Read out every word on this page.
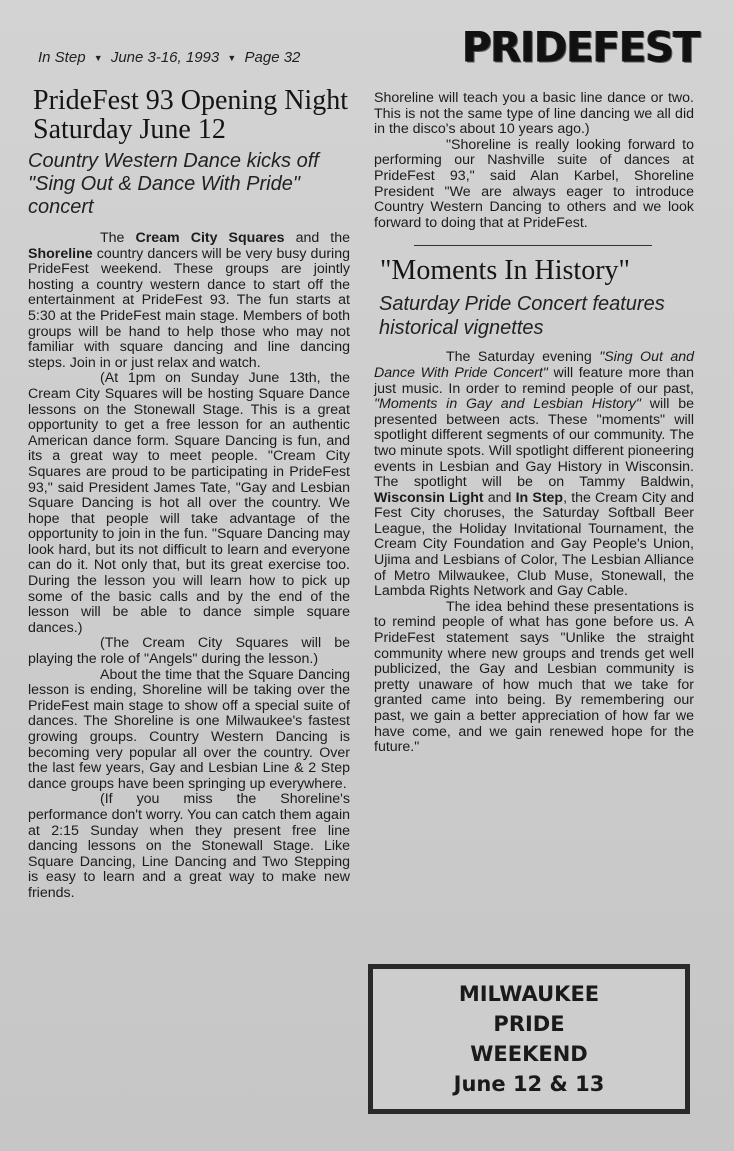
In Step ▼ June 3-16, 1993 ▼ Page 32	PRIDEFEST
PrideFest 93 Opening Night Saturday June 12
Country Western Dance kicks off "Sing Out & Dance With Pride" concert

The Cream City Squares and the Shoreline country dancers will be very busy during PrideFest weekend. These groups are jointly hosting a country western dance to start off the entertainment at PrideFest 93. The fun starts at 5:30 at the PrideFest main stage. Members of both groups will be hand to help those who may not familiar with square dancing and line dancing steps. Join in or just relax and watch.

(At 1pm on Sunday June 13th, the Cream City Squares will be hosting Square Dance lessons on the Stonewall Stage. This is a great opportunity to get a free lesson for an authentic American dance form. Square Dancing is fun, and its a great way to meet people. "Cream City Squares are proud to be participating in PrideFest 93," said President James Tate, "Gay and Lesbian Square Dancing is hot all over the country. We hope that people will take advantage of the opportunity to join in the fun. "Square Dancing may look hard, but its not difficult to learn and everyone can do it. Not only that, but its great exercise too. During the lesson you will learn how to pick up some of the basic calls and by the end of the lesson will be able to dance simple square dances.)

(The Cream City Squares will be playing the role of "Angels" during the lesson.)

About the time that the Square Dancing lesson is ending, Shoreline will be taking over the PrideFest main stage to show off a special suite of dances. The Shoreline is one Milwaukee's fastest growing groups. Country Western Dancing is becoming very popular all over the country. Over the last few years, Gay and Lesbian Line & 2 Step dance groups have been springing up everywhere.

(If you miss the Shoreline's performance don't worry. You can catch them again at 2:15 Sunday when they present free line dancing lessons on the Stonewall Stage. Like Square Dancing, Line Dancing and Two Stepping is easy to learn and a great way to make new friends.

Shoreline will teach you a basic line dance or two. This is not the same type of line dancing we all did in the disco's about 10 years ago.)

"Shoreline is really looking forward to performing our Nashville suite of dances at PrideFest 93," said Alan Karbel, Shoreline President "We are always eager to introduce Country Western Dancing to others and we look forward to doing that at PrideFest.

"Moments In History"
Saturday Pride Concert features historical vignettes

The Saturday evening "Sing Out and Dance With Pride Concert" will feature more than just music. In order to remind people of our past, "Moments in Gay and Lesbian History" will be presented between acts. These "moments" will spotlight different segments of our community. The two minute spots. Will spotlight different pioneering events in Lesbian and Gay History in Wisconsin. The spotlight will be on Tammy Baldwin, Wisconsin Light and In Step, the Cream City and Fest City choruses, the Saturday Softball Beer League, the Holiday Invitational Tournament, the Cream City Foundation and Gay People's Union, Ujima and Lesbians of Color, The Lesbian Alliance of Metro Milwaukee, Club Muse, Stonewall, the Lambda Rights Network and Gay Cable.

The idea behind these presentations is to remind people of what has gone before us. A PrideFest statement says "Unlike the straight community where new groups and trends get well publicized, the Gay and Lesbian community is pretty unaware of how much that we take for granted came into being. By remembering our past, we gain a better appreciation of how far we have come, and we gain renewed hope for the future."

MILWAUKEE
PRIDE
WEEKEND
June 12 & 13
